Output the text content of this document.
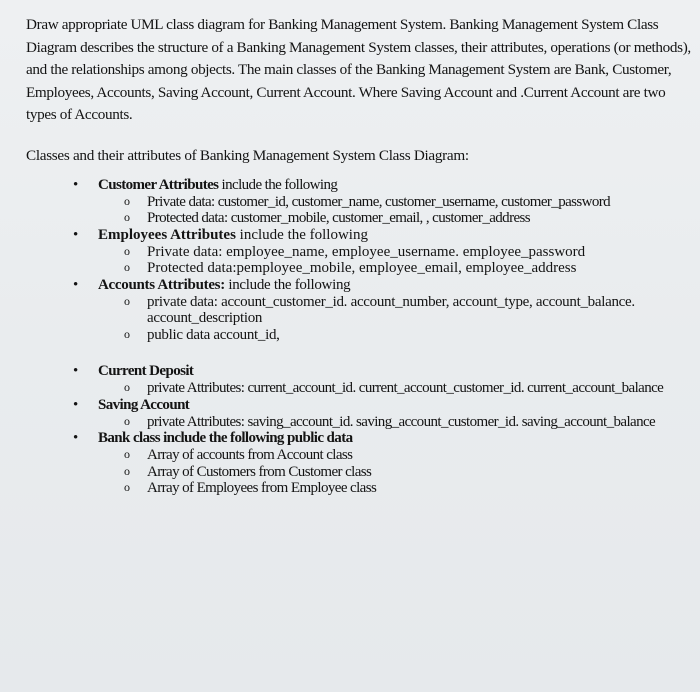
Draw appropriate UML class diagram for Banking Management System. Banking Management System Class Diagram describes the structure of a Banking Management System classes, their attributes, operations (or methods), and the relationships among objects. The main classes of the Banking Management System are Bank, Customer, Employees, Accounts, Saving Account, Current Account. Where Saving Account and .Current Account are two types of Accounts.

Classes and their attributes of Banking Management System Class Diagram:

• Customer Attributes include the following
o Private data: customer_id, customer_name, customer_username, customer_password
o Protected data: customer_mobile, customer_email, , customer_address
• Employees Attributes include the following
o Private data: employee_name, employee_username. employee_password
o Protected data:pemployee_mobile, employee_email, employee_address
• Accounts Attributes: include the following
o private data: account_customer_id. account_number, account_type, account_balance. account_description
o public data account_id,
• Current Deposit
o private Attributes: current_account_id. current_account_customer_id. current_account_balance
• Saving Account
o private Attributes: saving_account_id. saving_account_customer_id. saving_account_balance
• Bank class include the following public data
o Array of accounts from Account class
o Array of Customers from Customer class
o Array of Employees from Employee class
